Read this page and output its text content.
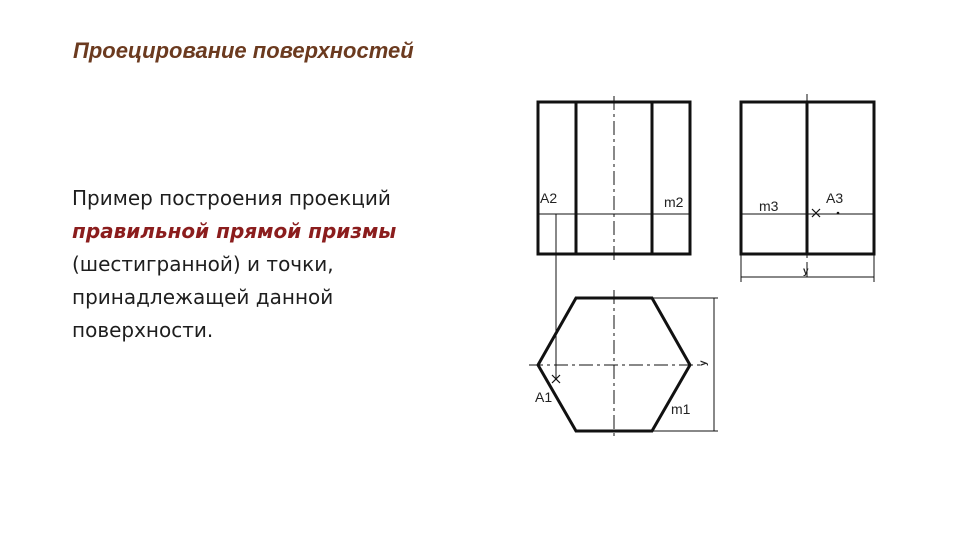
Проецирование поверхностей
Пример построения проекций
правильной прямой призмы
(шестигранной) и точки,
принадлежащей данной
поверхности.
m3	A3
y
A2	m2
A1
m1
y
